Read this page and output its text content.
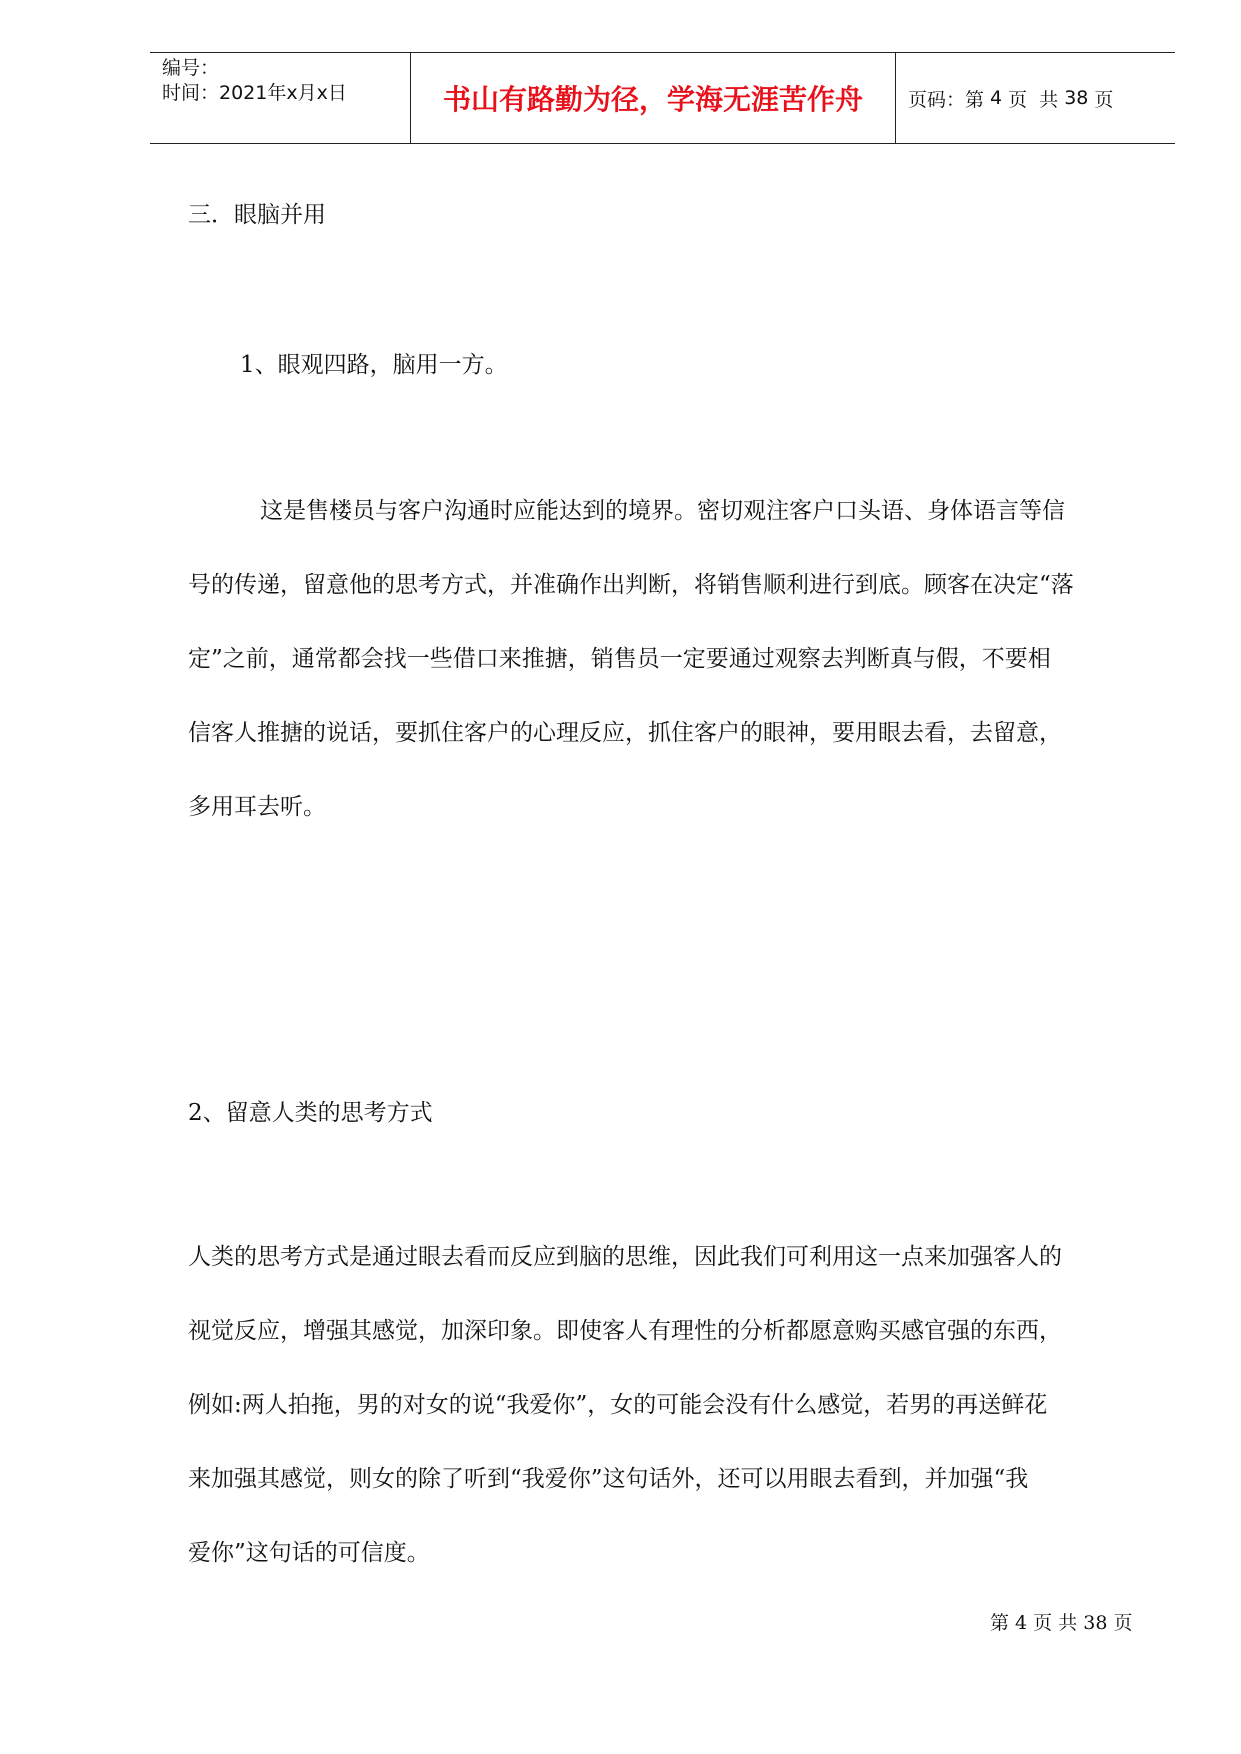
编号：
时间：2021年x月x日	书山有路勤为径，学海无涯苦作舟 页码：第 4 页  共 38 页
三．眼脑并用
1、眼观四路，脑用一方。
这是售楼员与客户沟通时应能达到的境界。密切观注客户口头语、身体语言等信
号的传递，留意他的思考方式，并准确作出判断，将销售顺利进行到底。顾客在决定“落
定”之前，通常都会找一些借口来推搪，销售员一定要通过观察去判断真与假，不要相
信客人推搪的说话，要抓住客户的心理反应，抓住客户的眼神，要用眼去看，去留意，
多用耳去听。
2、留意人类的思考方式
人类的思考方式是通过眼去看而反应到脑的思维，因此我们可利用这一点来加强客人的
视觉反应，增强其感觉，加深印象。即使客人有理性的分析都愿意购买感官强的东西，
例如:两人拍拖，男的对女的说“我爱你”，女的可能会没有什么感觉，若男的再送鲜花
来加强其感觉，则女的除了听到“我爱你”这句话外，还可以用眼去看到，并加强“我
爱你”这句话的可信度。
第 4 页 共 38 页
